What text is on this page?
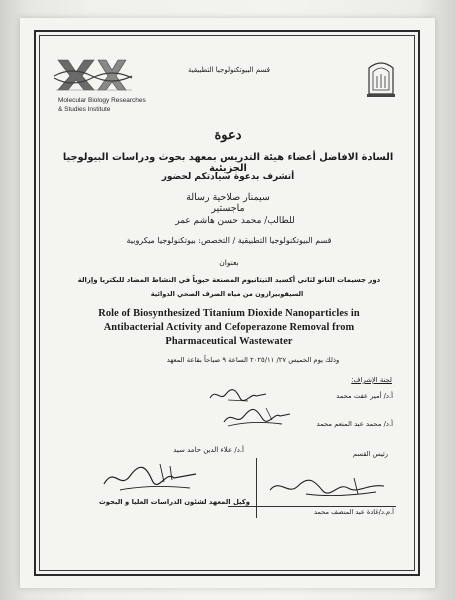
Molecular Biology Researches
& Studies Institute
قسم البيوتكنولوجيا التطبيقية
دعوة
السادة الافاضل أعضاء هيئة التدريس بمعهد بحوث ودراسات البيولوجيا الجزيئية
أتشرف بدعوة سيادتكم لحضور
سيمنار صلاحية رسالة ماجستير
للطالب/ محمد حسن هاشم عمر
قسم البيوتكنولوجيا التطبيقية / التخصص: بيوتكنولوجيا ميكروبية
بعنوان
دور جسيمات النانو لثاني أكسيد التيتانيوم المصنعة حيوياً في النشاط المضاد للبكتريا وإزالة
السيفوبيرازون من مياه الصرف الصحي الدوائية
Role of Biosynthesized Titanium Dioxide Nanoparticles in
Antibacterial Activity and Cefoperazone Removal from
Pharmaceutical Wastewater
وذلك يوم الخميس ٢٧/ ٢٠٢٥/١١ الساعة ٩ صباحاً بقاعة المعهد
لجنة الإشراف:
أ.د/ أمير عفت محمد
أ.د/ محمد عبد المنعم محمد
أ.د/ علاء الدين حامد سيد
وكيل المعهد لشئون الدراسات العليا و البحوث
رئيس القسم
أ.م.د/غادة عبد المنصف محمد
